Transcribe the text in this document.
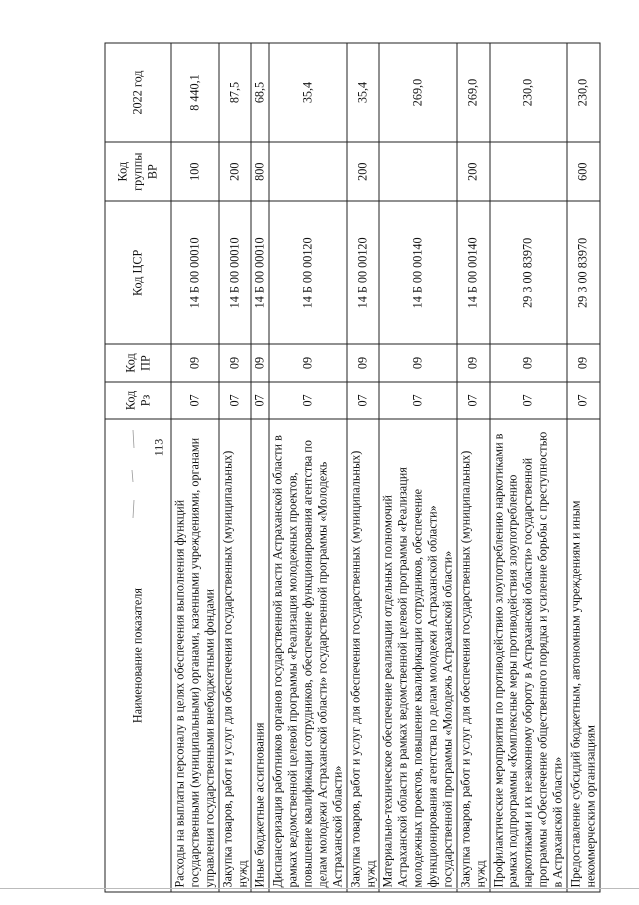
113
Наименование показателя	Код Рз	Код ПР	Код ЦСР	Код группы ВР	2022 год
Расходы на выплаты персоналу в целях обеспечения выполнения функций государственными (муниципальными) органами, казенными учреждениями, органами управления государственными внебюджетными фондами	07	09	14 Б 00 00010	100	8 440,1
Закупка товаров, работ и услуг для обеспечения государственных (муниципальных) нужд	07	09	14 Б 00 00010	200	87,5
Иные бюджетные ассигнования	07	09	14 Б 00 00010	800	68,5
Диспансеризация работников органов государственной власти Астраханской области в рамках ведомственной целевой программы «Реализация молодежных проектов, повышение квалификации сотрудников, обеспечение функционирования агентства по делам молодежи Астраханской области» государственной программы «Молодежь Астраханской области»	07	09	14 Б 00 00120		35,4
Закупка товаров, работ и услуг для обеспечения государственных (муниципальных) нужд	07	09	14 Б 00 00120	200	35,4
Материально-техническое обеспечение реализации отдельных полномочий Астраханской области в рамках ведомственной целевой программы «Реализация молодежных проектов, повышение квалификации сотрудников, обеспечение функционирования агентства по делам молодежи Астраханской области» государственной программы «Молодежь Астраханской области»	07	09	14 Б 00 00140		269,0
Закупка товаров, работ и услуг для обеспечения государственных (муниципальных) нужд	07	09	14 Б 00 00140	200	269,0
Профилактические мероприятия по противодействию злоупотреблению наркотиками в рамках подпрограммы «Комплексные меры противодействия злоупотреблению наркотиками и их незаконному обороту в Астраханской области» государственной программы «Обеспечение общественного порядка и усиление борьбы с преступностью в Астраханской области»	07	09	29 3 00 83970		230,0
Предоставление субсидий бюджетным, автономным учреждениям и иным некоммерческим организациям	07	09	29 3 00 83970	600	230,0
